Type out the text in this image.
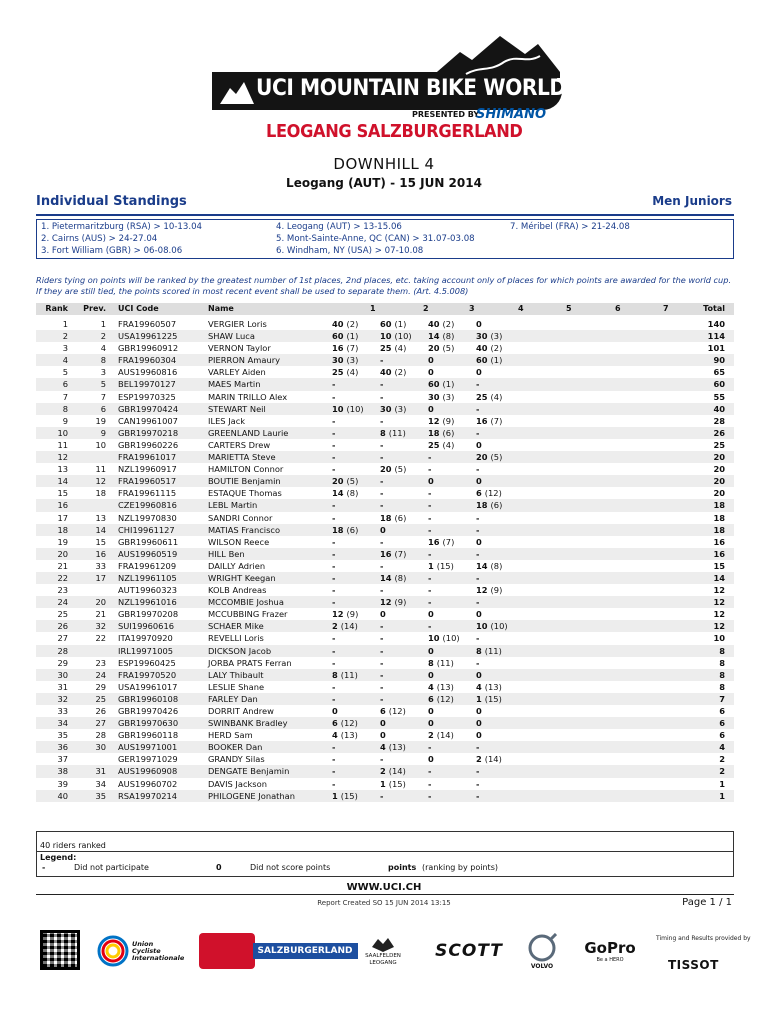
UCI MOUNTAIN BIKE WORLD CUP
PRESENTED BY
SHIMANO
LEOGANG SALZBURGERLAND
DOWNHILL 4
Leogang (AUT) - 15 JUN 2014
Individual Standings	Men Juniors
1. Pietermaritzburg (RSA) > 10-13.04
2. Cairns (AUS) > 24-27.04
3. Fort William (GBR) > 06-08.06
4. Leogang (AUT) > 13-15.06
5. Mont-Sainte-Anne, QC (CAN) > 31.07-03.08
6. Windham, NY (USA) > 07-10.08
7. Méribel (FRA) > 21-24.08
Riders tying on points will be ranked by the greatest number of 1st places, 2nd places, etc. taking account only of places for which points are awarded for the world cup. If they are still tied, the points scored in most recent event shall be used to separate them. (Art. 4.5.008)
Rank	Prev. UCI Code	Name	1	2	3	4	5	6	7	Total
1	1 FRA19960507	VERGIER Loris	40 (2)	60 (1)	40 (2)	0	140
2	2 USA19961225	SHAW Luca	60 (1)	10 (10) 14 (8)	30 (3)	114
3	4 GBR19960912	VERNON Taylor	16 (7)	25 (4)	20 (5)	40 (2)	101
4	8 FRA19960304	PIERRON Amaury	30 (3)	-	0	60 (1)	90
5	3 AUS19960816	VARLEY Aiden	25 (4)	40 (2)	0	0	65
6	5 BEL19970127	MAES Martin	-	-	60 (1)	-	60
7	7 ESP19970325	MARIN TRILLO Alex	-	-	30 (3)	25 (4)	55
8	6 GBR19970424	STEWART Neil	10 (10) 30 (3)	0	-	40
9	19 CAN19961007	ILES Jack	-	-	12 (9)	16 (7)	28
10	9 GBR19970218	GREENLAND Laurie	-	8 (11)	18 (6)	-	26
11	10 GBR19960226	CARTERS Drew	-	-	25 (4)	0	25
12	FRA19961017	MARIETTA Steve	-	-	-	20 (5)	20
13	11 NZL19960917	HAMILTON Connor	-	20 (5)	-	-	20
14	12 FRA19960517	BOUTIE Benjamin	20 (5)	-	0	0	20
15	18 FRA19961115	ESTAQUE Thomas	14 (8)	-	-	6 (12)	20
16	CZE19960816	LEBL Martin	-	-	-	18 (6)	18
17	13 NZL19970830	SANDRI Connor	-	18 (6)	-	-	18
18	14 CHI19961127	MATIAS Francisco	18 (6)	0	-	-	18
19	15 GBR19960611	WILSON Reece	-	-	16 (7)	0	16
20	16 AUS19960519	HILL Ben	-	16 (7)	-	-	16
21	33 FRA19961209	DAILLY Adrien	-	-	1 (15)	14 (8)	15
22	17 NZL19961105	WRIGHT Keegan	-	14 (8)	-	-	14
23	AUT19960323	KOLB Andreas	-	-	-	12 (9)	12
24	20 NZL19961016	MCCOMBIE Joshua	-	12 (9)	-	-	12
25	21 GBR19970208	MCCUBBING Frazer	12 (9)	0	0	0	12
26	32 SUI19960616	SCHAER Mike	2 (14)	-	-	10 (10)	12
27	22 ITA19970920	REVELLI Loris	-	-	10 (10) -	10
28	IRL19971005	DICKSON Jacob	-	-	0	8 (11)	8
29	23 ESP19960425	JORBA PRATS Ferran	-	-	8 (11)	-	8
30	24 FRA19970520	LALY Thibault	8 (11)	-	0	0	8
31	29 USA19961017	LESLIE Shane	-	-	4 (13)	4 (13)	8
32	25 GBR19960108	FARLEY Dan	-	-	6 (12)	1 (15)	7
33	26 GBR19970426	DORRIT Andrew	0	6 (12)	0	0	6
34	27 GBR19970630	SWINBANK Bradley	6 (12)	0	0	0	6
35	28 GBR19960118	HERD Sam	4 (13)	0	2 (14)	0	6
36	30 AUS19971001	BOOKER Dan	-	4 (13)	-	-	4
37	GER19971029	GRANDY Silas	-	-	0	2 (14)	2
38	31 AUS19960908	DENGATE Benjamin	-	2 (14)	-	-	2
39	34 AUS19960702	DAVIS Jackson	-	1 (15)	-	-	1
40	35 RSA19970214	PHILOGENE Jonathan	1 (15)	-	-	-	1
40 riders ranked
Legend:
-	Did not participate	0	Did not score points	points (ranking by points)
WWW.UCI.CH
Report Created SO 15 JUN 2014 13:15	Page 1 / 1
Union
Cycliste
Internationale
SALZBURGERLAND	SAALFELDEN
LEOGANG
SCOTT
VOLVO
GoPro
Be a HERO
Timing and Results provided by
TISSOT
